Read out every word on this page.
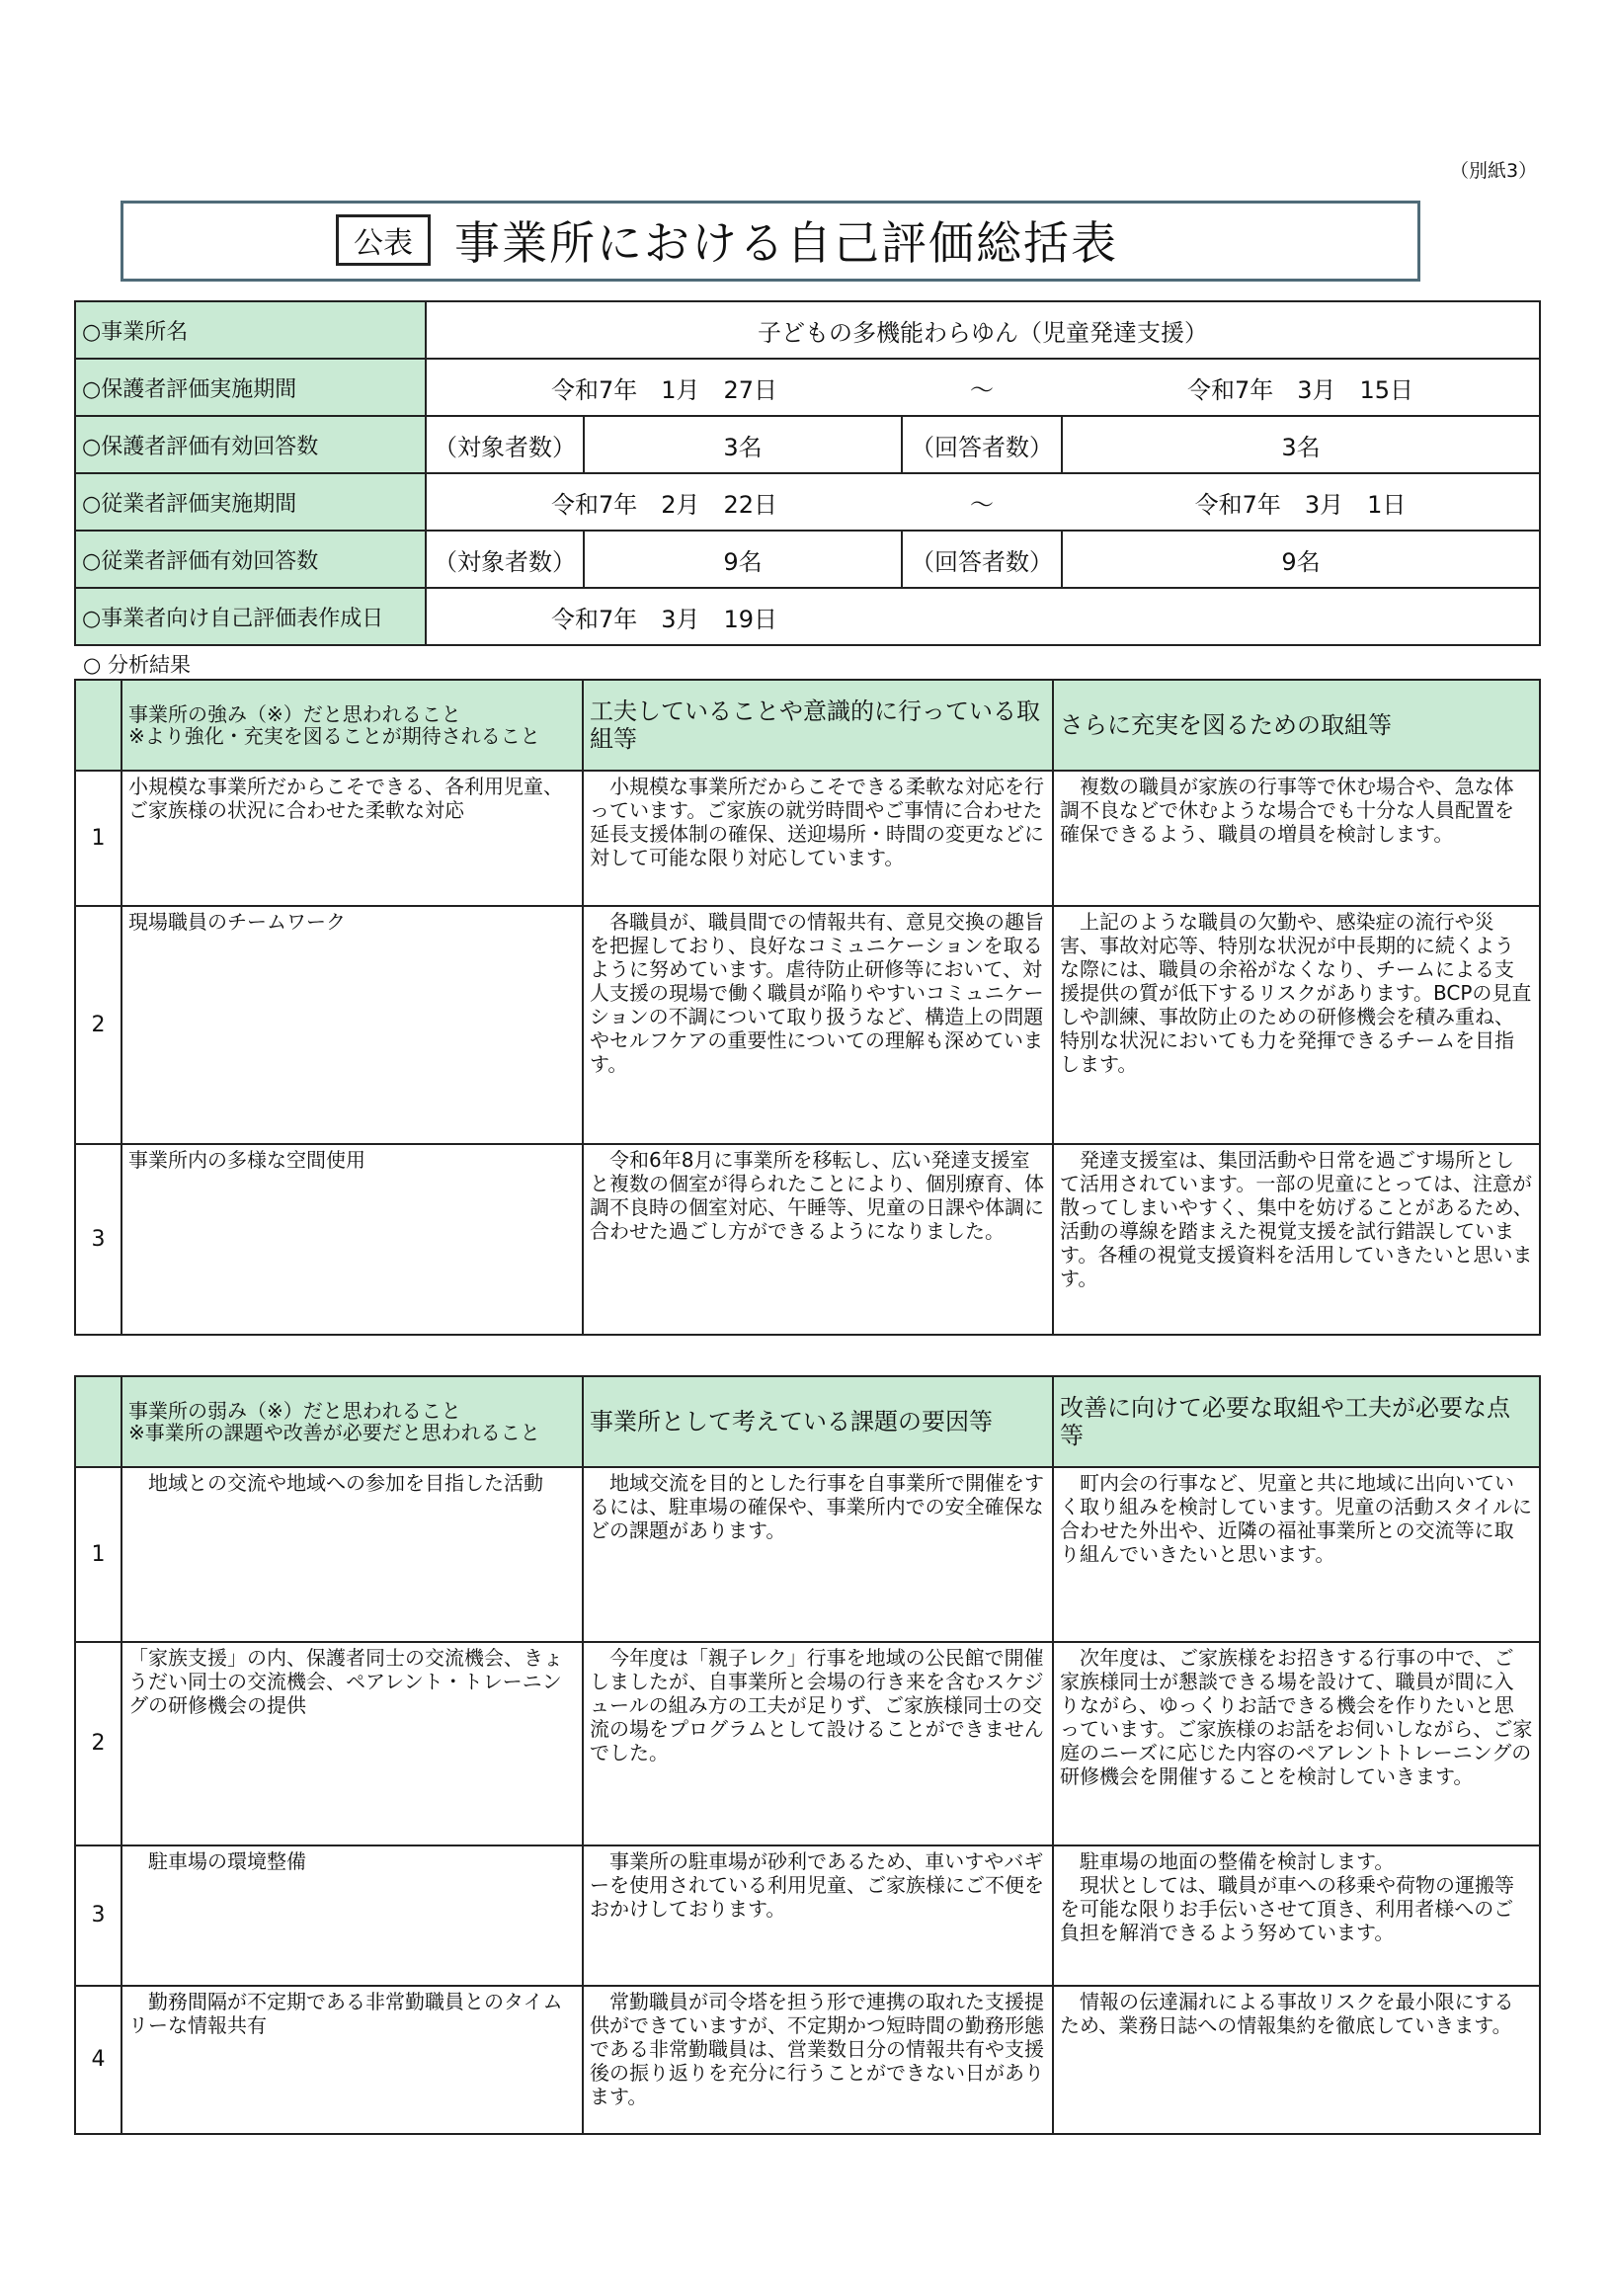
（別紙3）
公表 事業所における自己評価総括表
○事業所名	子どもの多機能わらゆん（児童発達支援）			
○保護者評価実施期間	令和7年　1月　27日		～	令和7年　3月　15日
○保護者評価有効回答数	（対象者数）	3名	（回答者数）	3名
○従業者評価実施期間	令和7年　2月　22日		～	令和7年　3月　1日
○従業者評価有効回答数	（対象者数）	9名	（回答者数）	9名
○事業者向け自己評価表作成日	令和7年　3月　19日			
○ 分析結果
	事業所の強み（※）だと思われること
※より強化・充実を図ることが期待されること	工夫していることや意識的に行っている取組等	さらに充実を図るための取組等
1	小規模な事業所だからこそできる、各利用児童、ご家族様の状況に合わせた柔軟な対応	小規模な事業所だからこそできる柔軟な対応を行っています。ご家族の就労時間やご事情に合わせた延長支援体制の確保、送迎場所・時間の変更などに対して可能な限り対応しています。	複数の職員が家族の行事等で休む場合や、急な体調不良などで休むような場合でも十分な人員配置を確保できるよう、職員の増員を検討します。
2	現場職員のチームワーク	各職員が、職員間での情報共有、意見交換の趣旨を把握しており、良好なコミュニケーションを取るように努めています。虐待防止研修等において、対人支援の現場で働く職員が陥りやすいコミュニケーションの不調について取り扱うなど、構造上の問題やセルフケアの重要性についての理解も深めています。	上記のような職員の欠勤や、感染症の流行や災害、事故対応等、特別な状況が中長期的に続くような際には、職員の余裕がなくなり、チームによる支援提供の質が低下するリスクがあります。BCPの見直しや訓練、事故防止のための研修機会を積み重ね、特別な状況においても力を発揮できるチームを目指します。
3	事業所内の多様な空間使用	令和6年8月に事業所を移転し、広い発達支援室と複数の個室が得られたことにより、個別療育、体調不良時の個室対応、午睡等、児童の日課や体調に合わせた過ごし方ができるようになりました。	発達支援室は、集団活動や日常を過ごす場所として活用されています。一部の児童にとっては、注意が散ってしまいやすく、集中を妨げることがあるため、活動の導線を踏まえた視覚支援を試行錯誤しています。各種の視覚支援資料を活用していきたいと思います。
	事業所の弱み（※）だと思われること
※事業所の課題や改善が必要だと思われること	事業所として考えている課題の要因等	改善に向けて必要な取組や工夫が必要な点等
1	地域との交流や地域への参加を目指した活動	地域交流を目的とした行事を自事業所で開催をするには、駐車場の確保や、事業所内での安全確保などの課題があります。	町内会の行事など、児童と共に地域に出向いていく取り組みを検討しています。児童の活動スタイルに合わせた外出や、近隣の福祉事業所との交流等に取り組んでいきたいと思います。
2	「家族支援」の内、保護者同士の交流機会、きょうだい同士の交流機会、ペアレント・トレーニングの研修機会の提供	今年度は「親子レク」行事を地域の公民館で開催しましたが、自事業所と会場の行き来を含むスケジュールの組み方の工夫が足りず、ご家族様同士の交流の場をプログラムとして設けることができませんでした。	次年度は、ご家族様をお招きする行事の中で、ご家族様同士が懇談できる場を設けて、職員が間に入りながら、ゆっくりお話できる機会を作りたいと思っています。ご家族様のお話をお伺いしながら、ご家庭のニーズに応じた内容のペアレントトレーニングの研修機会を開催することを検討していきます。
3	駐車場の環境整備	事業所の駐車場が砂利であるため、車いすやバギーを使用されている利用児童、ご家族様にご不便をおかけしております。	駐車場の地面の整備を検討します。
　現状としては、職員が車への移乗や荷物の運搬等を可能な限りお手伝いさせて頂き、利用者様へのご負担を解消できるよう努めています。
4	勤務間隔が不定期である非常勤職員とのタイムリーな情報共有	常勤職員が司令塔を担う形で連携の取れた支援提供ができていますが、不定期かつ短時間の勤務形態である非常勤職員は、営業数日分の情報共有や支援後の振り返りを充分に行うことができない日があります。	情報の伝達漏れによる事故リスクを最小限にするため、業務日誌への情報集約を徹底していきます。
